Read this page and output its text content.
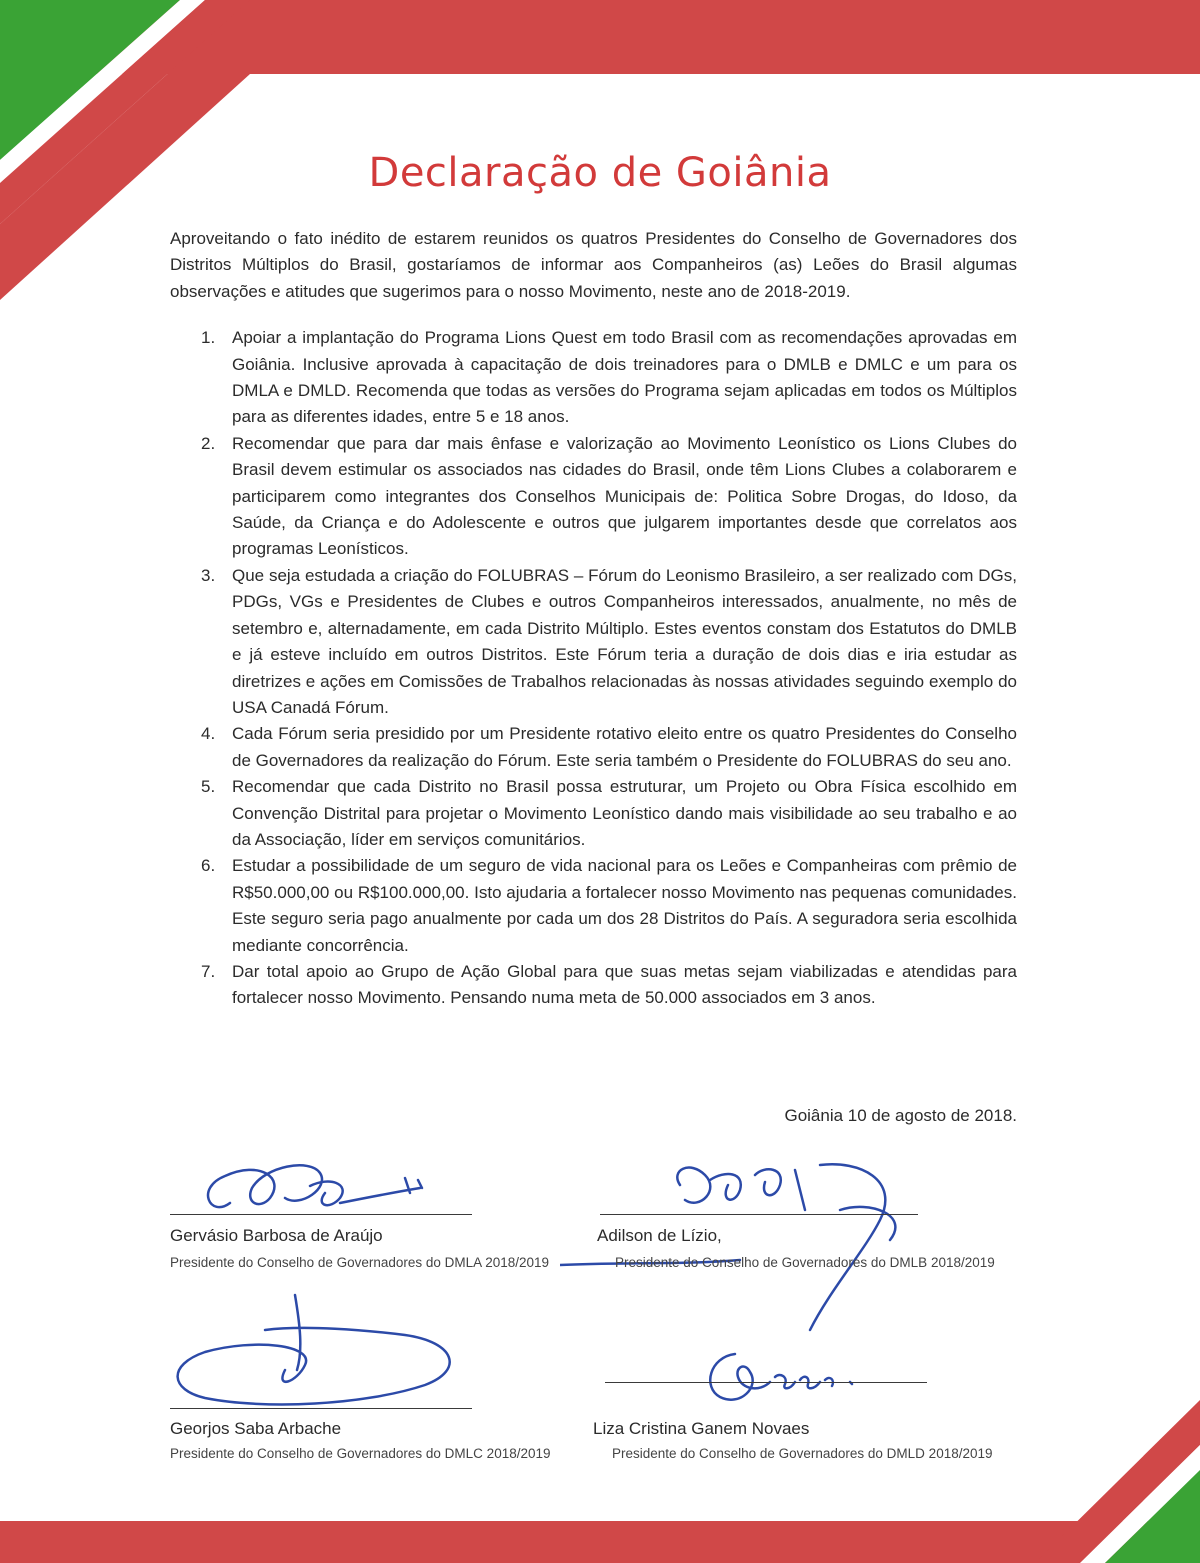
Declaração de Goiânia

Aproveitando o fato inédito de estarem reunidos os quatros Presidentes do Conselho de Governadores dos Distritos Múltiplos do Brasil, gostaríamos de informar aos Companheiros (as) Leões do Brasil algumas observações e atitudes que sugerimos para o nosso Movimento, neste ano de 2018-2019.

1. Apoiar a implantação do Programa Lions Quest em todo Brasil com as recomendações aprovadas em Goiânia. Inclusive aprovada à capacitação de dois treinadores para o DMLB e DMLC e um para os DMLA e DMLD. Recomenda que todas as versões do Programa sejam aplicadas em todos os Múltiplos para as diferentes idades, entre 5 e 18 anos.
2. Recomendar que para dar mais ênfase e valorização ao Movimento Leonístico os Lions Clubes do Brasil devem estimular os associados nas cidades do Brasil, onde têm Lions Clubes a colaborarem e participarem como integrantes dos Conselhos Municipais de: Politica Sobre Drogas, do Idoso, da Saúde, da Criança e do Adolescente e outros que julgarem importantes desde que correlatos aos programas Leonísticos.
3. Que seja estudada a criação do FOLUBRAS – Fórum do Leonismo Brasileiro, a ser realizado com DGs, PDGs, VGs e Presidentes de Clubes e outros Companheiros interessados, anualmente, no mês de setembro e, alternadamente, em cada Distrito Múltiplo. Estes eventos constam dos Estatutos do DMLB e já esteve incluído em outros Distritos. Este Fórum teria a duração de dois dias e iria estudar as diretrizes e ações em Comissões de Trabalhos relacionadas às nossas atividades seguindo exemplo do USA Canadá Fórum.
4. Cada Fórum seria presidido por um Presidente rotativo eleito entre os quatro Presidentes do Conselho de Governadores da realização do Fórum. Este seria também o Presidente do FOLUBRAS do seu ano.
5. Recomendar que cada Distrito no Brasil possa estruturar, um Projeto ou Obra Física escolhido em Convenção Distrital para projetar o Movimento Leonístico dando mais visibilidade ao seu trabalho e ao da Associação, líder em serviços comunitários.
6. Estudar a possibilidade de um seguro de vida nacional para os Leões e Companheiras com prêmio de R$50.000,00 ou R$100.000,00. Isto ajudaria a fortalecer nosso Movimento nas pequenas comunidades. Este seguro seria pago anualmente por cada um dos 28 Distritos do País. A seguradora seria escolhida mediante concorrência.
7. Dar total apoio ao Grupo de Ação Global para que suas metas sejam viabilizadas e atendidas para fortalecer nosso Movimento. Pensando numa meta de 50.000 associados em 3 anos.
Goiânia 10 de agosto de 2018.
Gervásio Barbosa de Araújo
Presidente do Conselho de Governadores do DMLA 2018/2019
Adilson de Lízio,
Presidente do Conselho de Governadores do DMLB 2018/2019
Georjos Saba Arbache
Presidente do Conselho de Governadores do DMLC 2018/2019
Liza Cristina Ganem Novaes
Presidente do Conselho de Governadores do DMLD 2018/2019
